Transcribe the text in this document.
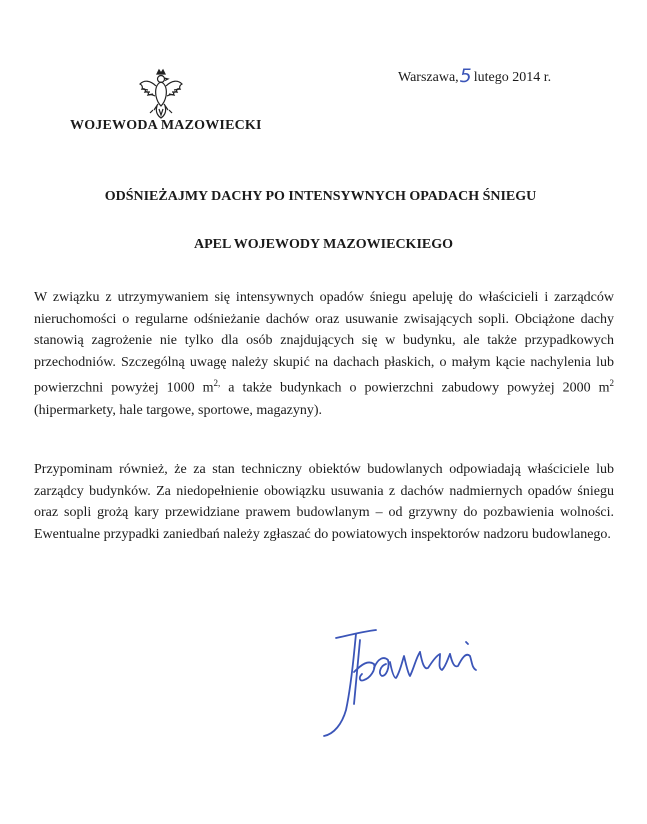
WOJEWODA MAZOWIECKI
Warszawa,5 lutego 2014 r.
ODŚNIEŻAJMY DACHY PO INTENSYWNYCH OPADACH ŚNIEGU
APEL WOJEWODY MAZOWIECKIEGO

W związku z utrzymywaniem się intensywnych opadów śniegu apeluję do właścicieli i zarządców nieruchomości o regularne odśnieżanie dachów oraz usuwanie zwisających sopli. Obciążone dachy stanowią zagrożenie nie tylko dla osób znajdujących się w budynku, ale także przypadkowych przechodniów. Szczególną uwagę należy skupić na dachach płaskich, o małym kącie nachylenia lub powierzchni powyżej 1000 $m^{2,}$ a także budynkach o powierzchni zabudowy powyżej 2000 $m^2$ (hipermarkety, hale targowe, sportowe, magazyny).

Przypominam również, że za stan techniczny obiektów budowlanych odpowiadają właściciele lub zarządcy budynków. Za niedopełnienie obowiązku usuwania z dachów nadmiernych opadów śniegu oraz sopli grożą kary przewidziane prawem budowlanym – od grzywny do pozbawienia wolności. Ewentualne przypadki zaniedbań należy zgłaszać do powiatowych inspektorów nadzoru budowlanego.
